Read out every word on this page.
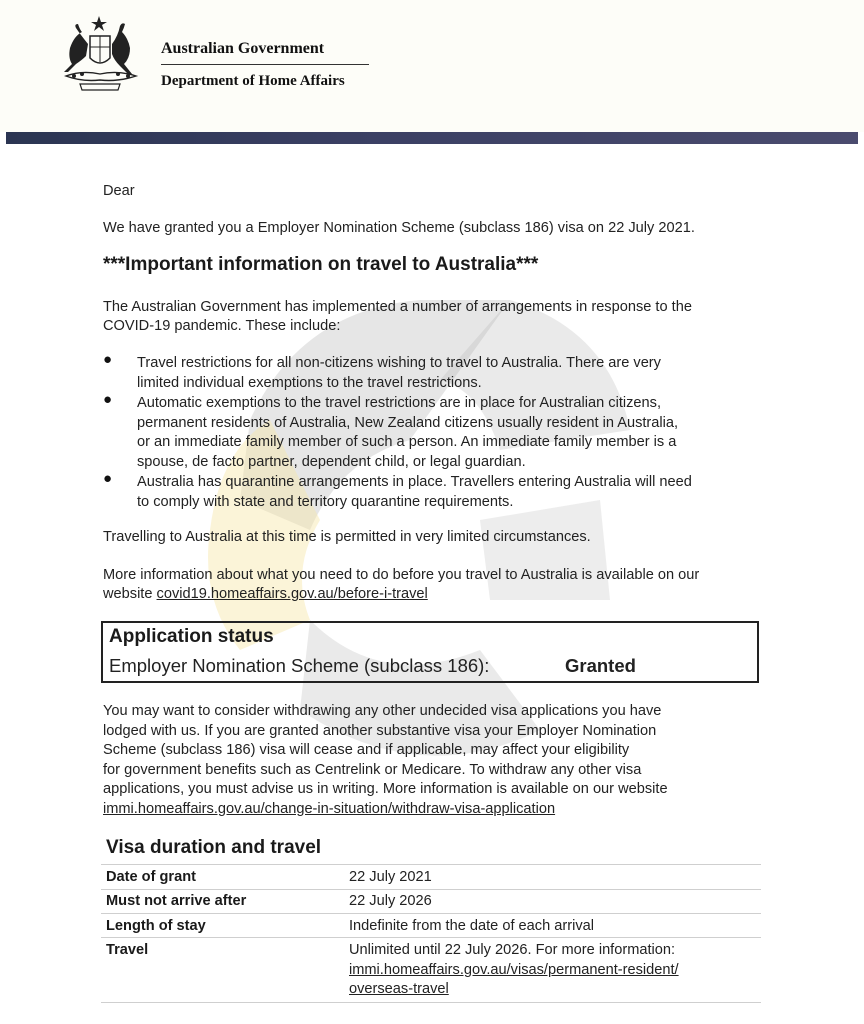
Australian Government
Department of Home Affairs
Dear
We have granted you a Employer Nomination Scheme (subclass 186) visa on 22 July 2021.
***Important information on travel to Australia***
The Australian Government has implemented a number of arrangements in response to the
COVID-19 pandemic. These include:
● Travel restrictions for all non-citizens wishing to travel to Australia. There are very
limited individual exemptions to the travel restrictions.
● Automatic exemptions to the travel restrictions are in place for Australian citizens,
permanent residents of Australia, New Zealand citizens usually resident in Australia,
or an immediate family member of such a person. An immediate family member is a
spouse, de facto partner, dependent child, or legal guardian.
● Australia has quarantine arrangements in place. Travellers entering Australia will need
to comply with state and territory quarantine requirements.
Travelling to Australia at this time is permitted in very limited circumstances.
More information about what you need to do before you travel to Australia is available on our
website covid19.homeaffairs.gov.au/before-i-travel
Application status
Employer Nomination Scheme (subclass 186):	Granted
You may want to consider withdrawing any other undecided visa applications you have
lodged with us. If you are granted another substantive visa your Employer Nomination
Scheme (subclass 186) visa will cease and if applicable, may affect your eligibility
for government benefits such as Centrelink or Medicare. To withdraw any other visa
applications, you must advise us in writing. More information is available on our website
immi.homeaffairs.gov.au/change-in-situation/withdraw-visa-application
Visa duration and travel
Date of grant	22 July 2021
Must not arrive after	22 July 2026
Length of stay	Indefinite from the date of each arrival
Travel	Unlimited until 22 July 2026. For more information:
immi.homeaffairs.gov.au/visas/permanent-resident/
overseas-travel
